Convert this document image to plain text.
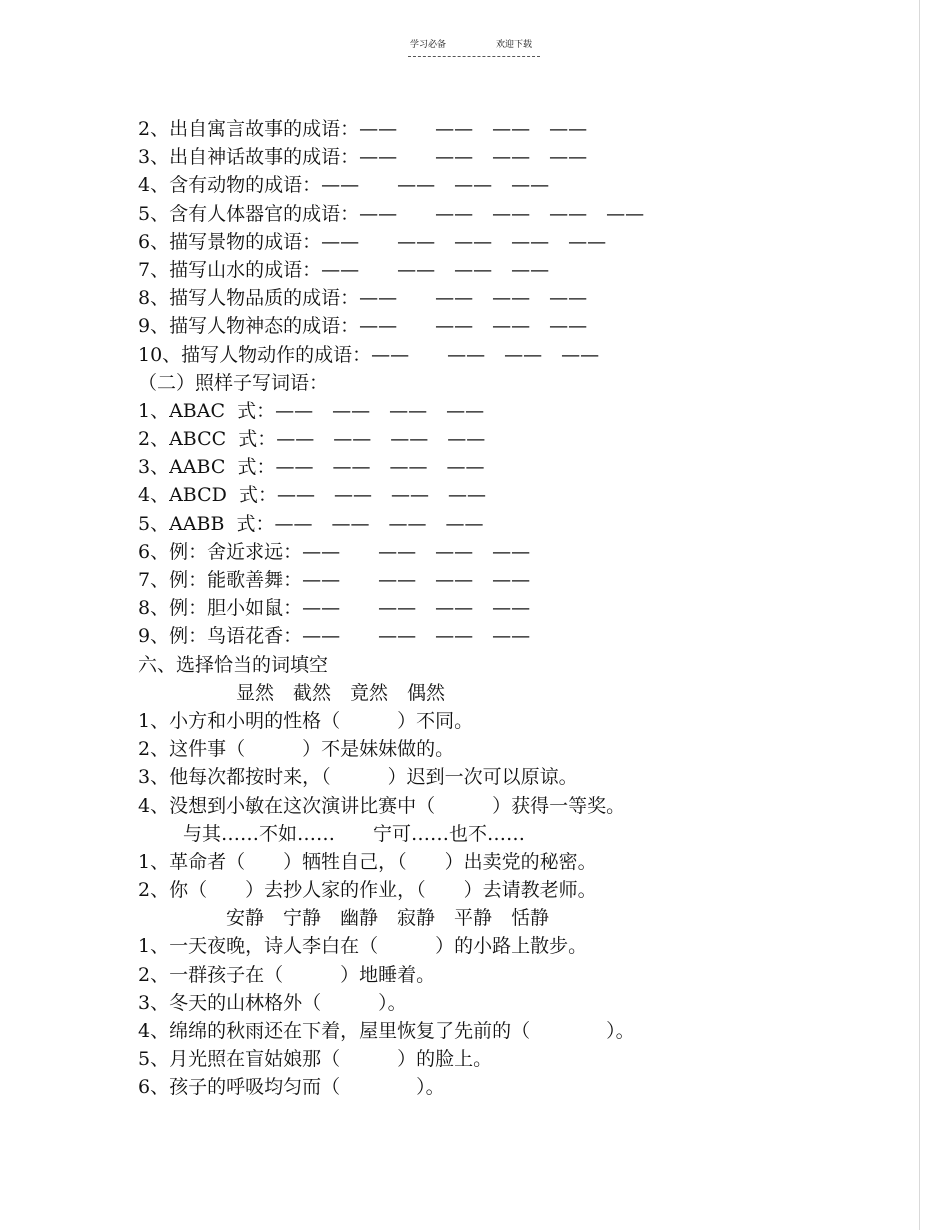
学习必备	欢迎下载
2、出自寓言故事的成语：——　　——　——　——
3、出自神话故事的成语：——　　——　——　——
4、含有动物的成语：——　　——　——　——
5、含有人体器官的成语：——　　——　——　——　——
6、描写景物的成语：——　　——　——　——　——
7、描写山水的成语：——　　——　——　——
8、描写人物品质的成语：——　　——　——　——
9、描写人物神态的成语：——　　——　——　——
10、描写人物动作的成语：——　　——　——　——
（二）照样子写词语：
1、ABAC  式：——　——　——　——
2、ABCC  式：——　——　——　——
3、AABC  式：——　——　——　——
4、ABCD  式：——　——　——　——
5、AABB  式：——　——　——　——
6、例：舍近求远：——　　——　——　——
7、例：能歌善舞：——　　——　——　——
8、例：胆小如鼠：——　　——　——　——
9、例：鸟语花香：——　　——　——　——
六、选择恰当的词填空
显然　截然　竟然　偶然
1、小方和小明的性格（　　　）不同。
2、这件事（　　　）不是妹妹做的。
3、他每次都按时来，（　　　）迟到一次可以原谅。
4、没想到小敏在这次演讲比赛中（　　　）获得一等奖。
与其……不如……　　宁可……也不……
1、革命者（　　）牺牲自己，（　　）出卖党的秘密。
2、你（　　）去抄人家的作业，（　　）去请教老师。
安静　宁静　幽静　寂静　平静　恬静
1、一天夜晚，诗人李白在（　　　）的小路上散步。
2、一群孩子在（　　　）地睡着。
3、冬天的山林格外（　　　）。
4、绵绵的秋雨还在下着，屋里恢复了先前的（　　　　）。
5、月光照在盲姑娘那（　　　）的脸上。
6、孩子的呼吸均匀而（　　　　）。
